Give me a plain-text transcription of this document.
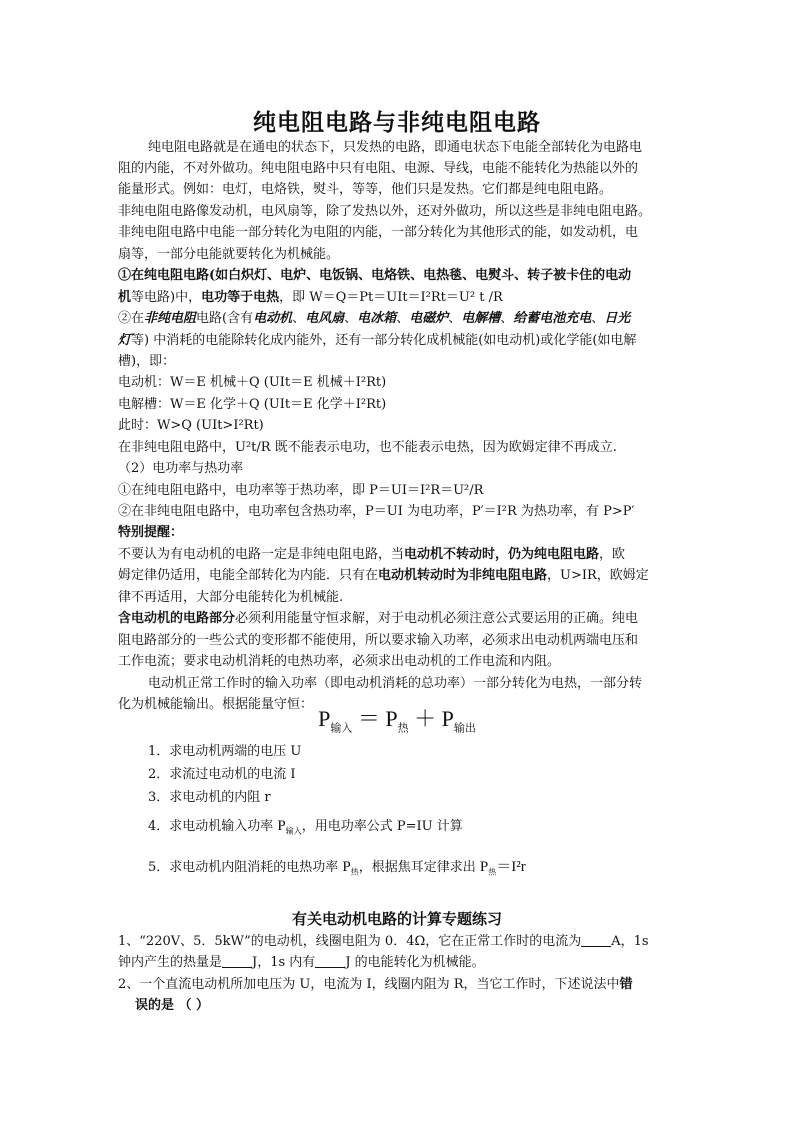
纯电阻电路与非纯电阻电路
纯电阻电路就是在通电的状态下，只发热的电路，即通电状态下电能全部转化为电路电
阻的内能，不对外做功。纯电阻电路中只有电阻、电源、导线，电能不能转化为热能以外的
能量形式。例如：电灯，电烙铁，熨斗，等等，他们只是发热。它们都是纯电阻电路。
非纯电阻电路像发动机，电风扇等，除了发热以外，还对外做功，所以这些是非纯电阻电路。
非纯电阻电路中电能一部分转化为电阻的内能，一部分转化为其他形式的能，如发动机，电
扇等，一部分电能就要转化为机械能。
①在纯电阻电路(如白炽灯、电炉、电饭锅、电烙铁、电热毯、电熨斗、转子被卡住的电动
机等电路)中，电功等于电热，即 W＝Q＝Pt＝UIt＝I²Rt＝U² t /R
②在非纯电阻电路(含有电动机、电风扇、电冰箱、电磁炉、电解槽、给蓄电池充电、日光
灯等) 中消耗的电能除转化成内能外，还有一部分转化成机械能(如电动机)或化学能(如电解
槽)，即：
电动机：W＝E 机械＋Q (UIt＝E 机械＋I²Rt)
电解槽：W＝E 化学＋Q (UIt＝E 化学＋I²Rt)
此时：W>Q (UIt>I²Rt)
在非纯电阻电路中，U²t/R 既不能表示电功，也不能表示电热，因为欧姆定律不再成立.
（2）电功率与热功率
①在纯电阻电路中，电功率等于热功率，即 P＝UI＝I²R＝U²/R
②在非纯电阻电路中，电功率包含热功率，P＝UI 为电功率，P′＝I²R 为热功率，有 P>P′
特别提醒：
不要认为有电动机的电路一定是非纯电阻电路，当电动机不转动时，仍为纯电阻电路，欧
姆定律仍适用，电能全部转化为内能．只有在电动机转动时为非纯电阻电路，U>IR，欧姆定
律不再适用，大部分电能转化为机械能.
含电动机的电路部分必须利用能量守恒求解，对于电动机必须注意公式要运用的正确。纯电
阻电路部分的一些公式的变形都不能使用，所以要求输入功率，必须求出电动机两端电压和
工作电流；要求电动机消耗的电热功率，必须求出电动机的工作电流和内阻。
电动机正常工作时的输入功率（即电动机消耗的总功率）一部分转化为电热，一部分转
化为机械能输出。根据能量守恒：
$P_{输入} = P_热 + P_{输出}$
1．求电动机两端的电压 U
2．求流过电动机的电流 I
3．求电动机的内阻 r
4．求电动机输入功率 $P_{输入}$，用电功率公式 P=IU 计算
5．求电动机内阻消耗的电热功率 $P_热$，根据焦耳定律求出 $P_热=I^2r$
有关电动机电路的计算专题练习
1、“220V、5．5kW”的电动机，线圈电阻为 0．4Ω，它在正常工作时的电流为 A，1s
钟内产生的热量是 J，1s 内有 J 的电能转化为机械能。
2、一个直流电动机所加电压为 U，电流为 I，线圈内阻为 R，当它工作时，下述说法中错
误的是 （ ）
